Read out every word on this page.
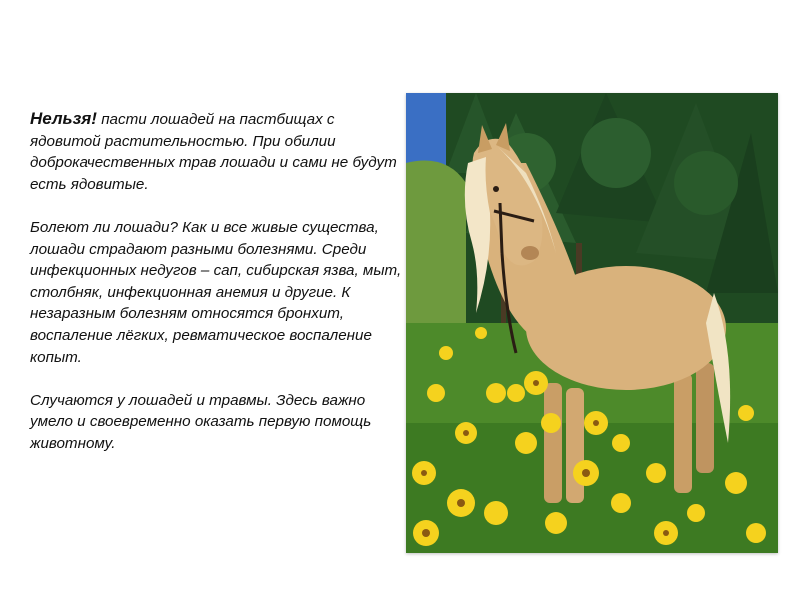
Нельзя! пасти лошадей на пастбищах с ядовитой растительностью. При обилии доброкачественных трав лошади и сами не будут есть ядовитые.

Болеют ли лошади? Как и все живые существа, лошади страдают разными болезнями. Среди инфекционных недугов – сап, сибирская язва, мыт, столбняк, инфекционная анемия и другие. К незаразным болезням относятся бронхит, воспаление лёгких, ревматическое воспаление копыт.

Случаются у лошадей и травмы. Здесь важно умело и своевременно оказать первую помощь животному.
